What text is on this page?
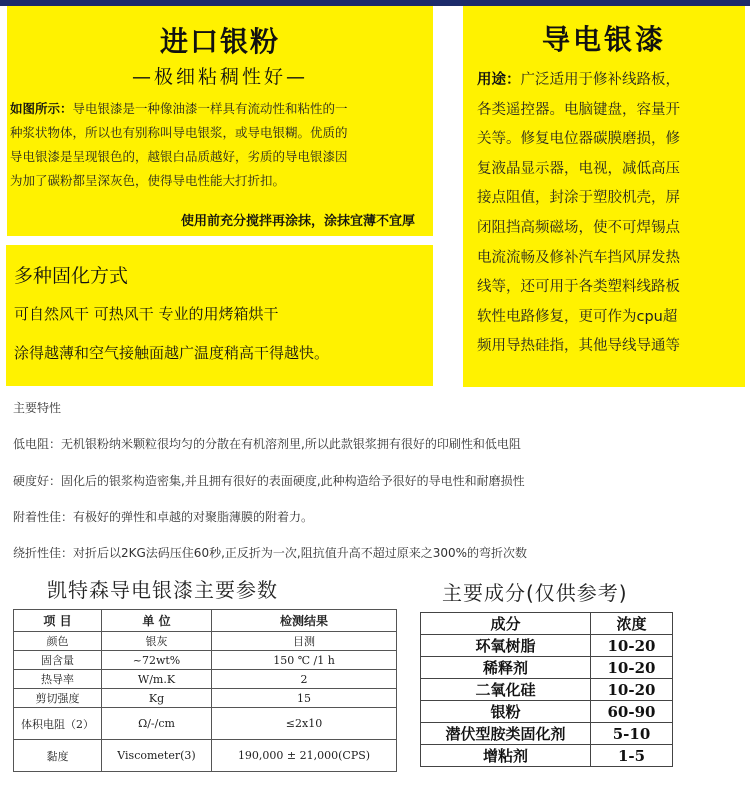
进口银粉
—极细粘稠性好—
如图所示：导电银漆是一种像油漆一样具有流动性和粘性的一
种浆状物体，所以也有别称叫导电银浆，或导电银糊。优质的
导电银漆是呈现银色的，越银白品质越好，劣质的导电银漆因
为加了碳粉都呈深灰色，使得导电性能大打折扣。
使用前充分搅拌再涂抹，涂抹宜薄不宜厚
多种固化方式
可自然风干 可热风干 专业的用烤箱烘干
涂得越薄和空气接触面越广温度稍高干得越快。
导电银漆
用途：广泛适用于修补线路板，
各类遥控器。电脑键盘，容量开
关等。修复电位器碳膜磨损，修
复液晶显示器，电视，减低高压
接点阻值，封涂于塑胶机壳，屏
闭阻挡高频磁场，使不可焊锡点
电流流畅及修补汽车挡风屏发热
线等，还可用于各类塑料线路板
软性电路修复，更可作为cpu超
频用导热硅指，其他导线导通等
主要特性
低电阻：无机银粉纳米颗粒很均匀的分散在有机溶剂里,所以此款银浆拥有很好的印刷性和低电阻
硬度好：固化后的银浆构造密集,并且拥有很好的表面硬度,此种构造给予很好的导电性和耐磨损性
附着性佳：有极好的弹性和卓越的对聚脂薄膜的附着力。
绕折性佳：对折后以2KG法码压住60秒,正反折为一次,阻抗值升高不超过原来之300%的弯折次数
凯特森导电银漆主要参数
项 目	单 位	检测结果
颜色	银灰	目测
固含量	~72wt%	150 ℃ /1 h
热导率	W/m.K	2
剪切强度	Kg	15
体积电阻（2）	Ω/-/cm	≤2x10
黏度	Viscometer(3)	190,000 ± 21,000(CPS)
主要成分(仅供参考)
成分	浓度
环氧树脂	10-20
稀释剂	10-20
二氧化硅	10-20
银粉	60-90
潜伏型胺类固化剂	5-10
增粘剂	1-5
